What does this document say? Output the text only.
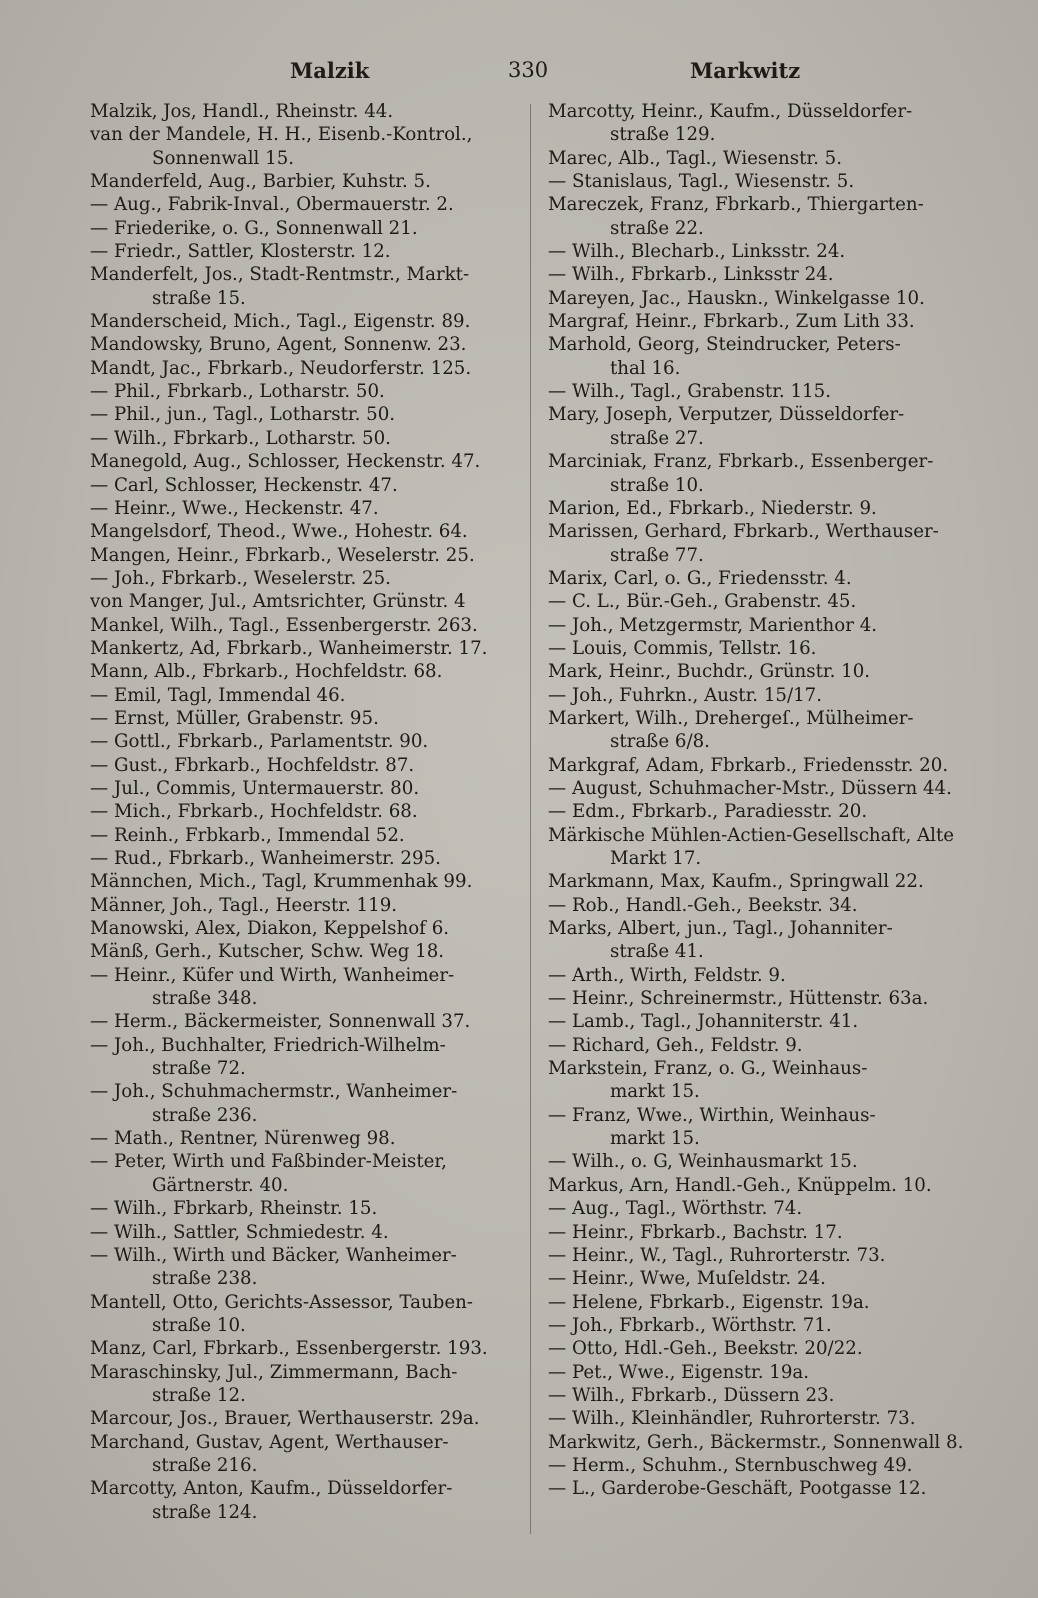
Malzik	330	Markwitz
Malzik, Jos, Handl., Rheinstr. 44.
van der Mandele, H. H., Eisenb.-Kontrol.,
Sonnenwall 15.
Manderfeld, Aug., Barbier, Kuhstr. 5.
— Aug., Fabrik-Inval., Obermauerstr. 2.
— Friederike, o. G., Sonnenwall 21.
— Friedr., Sattler, Klosterstr. 12.
Manderfelt, Jos., Stadt-Rentmstr., Markt-
straße 15.
Manderscheid, Mich., Tagl., Eigenstr. 89.
Mandowsky, Bruno, Agent, Sonnenw. 23.
Mandt, Jac., Fbrkarb., Neudorferstr. 125.
— Phil., Fbrkarb., Lotharstr. 50.
— Phil., jun., Tagl., Lotharstr. 50.
— Wilh., Fbrkarb., Lotharstr. 50.
Manegold, Aug., Schlosser, Heckenstr. 47.
— Carl, Schlosser, Heckenstr. 47.
— Heinr., Wwe., Heckenstr. 47.
Mangelsdorf, Theod., Wwe., Hohestr. 64.
Mangen, Heinr., Fbrkarb., Weselerstr. 25.
— Joh., Fbrkarb., Weselerstr. 25.
von Manger, Jul., Amtsrichter, Grünstr. 4
Mankel, Wilh., Tagl., Essenbergerstr. 263.
Mankertz, Ad, Fbrkarb., Wanheimerstr. 17.
Mann, Alb., Fbrkarb., Hochfeldstr. 68.
— Emil, Tagl, Immendal 46.
— Ernst, Müller, Grabenstr. 95.
— Gottl., Fbrkarb., Parlamentstr. 90.
— Gust., Fbrkarb., Hochfeldstr. 87.
— Jul., Commis, Untermauerstr. 80.
— Mich., Fbrkarb., Hochfeldstr. 68.
— Reinh., Frbkarb., Immendal 52.
— Rud., Fbrkarb., Wanheimerstr. 295.
Männchen, Mich., Tagl, Krummenhak 99.
Männer, Joh., Tagl., Heerstr. 119.
Manowski, Alex, Diakon, Keppelshof 6.
Mänß, Gerh., Kutscher, Schw. Weg 18.
— Heinr., Küfer und Wirth, Wanheimer-
straße 348.
— Herm., Bäckermeister, Sonnenwall 37.
— Joh., Buchhalter, Friedrich-Wilhelm-
straße 72.
— Joh., Schuhmachermstr., Wanheimer-
straße 236.
— Math., Rentner, Nürenweg 98.
— Peter, Wirth und Faßbinder-Meister,
Gärtnerstr. 40.
— Wilh., Fbrkarb, Rheinstr. 15.
— Wilh., Sattler, Schmiedestr. 4.
— Wilh., Wirth und Bäcker, Wanheimer-
straße 238.
Mantell, Otto, Gerichts-Assessor, Tauben-
straße 10.
Manz, Carl, Fbrkarb., Essenbergerstr. 193.
Maraschinsky, Jul., Zimmermann, Bach-
straße 12.
Marcour, Jos., Brauer, Werthauserstr. 29a.
Marchand, Gustav, Agent, Werthauser-
straße 216.
Marcotty, Anton, Kaufm., Düsseldorfer-
straße 124.
Marcotty, Heinr., Kaufm., Düsseldorfer-
straße 129.
Marec, Alb., Tagl., Wiesenstr. 5.
— Stanislaus, Tagl., Wiesenstr. 5.
Mareczek, Franz, Fbrkarb., Thiergarten-
straße 22.
— Wilh., Blecharb., Linksstr. 24.
— Wilh., Fbrkarb., Linksstr 24.
Mareyen, Jac., Hauskn., Winkelgasse 10.
Margraf, Heinr., Fbrkarb., Zum Lith 33.
Marhold, Georg, Steindrucker, Peters-
thal 16.
— Wilh., Tagl., Grabenstr. 115.
Mary, Joseph, Verputzer, Düsseldorfer-
straße 27.
Marciniak, Franz, Fbrkarb., Essenberger-
straße 10.
Marion, Ed., Fbrkarb., Niederstr. 9.
Marissen, Gerhard, Fbrkarb., Werthauser-
straße 77.
Marix, Carl, o. G., Friedensstr. 4.
— C. L., Bür.-Geh., Grabenstr. 45.
— Joh., Metzgermstr, Marienthor 4.
— Louis, Commis, Tellstr. 16.
Mark, Heinr., Buchdr., Grünstr. 10.
— Joh., Fuhrkn., Austr. 15/17.
Markert, Wilh., Drehergeſ., Mülheimer-
straße 6/8.
Markgraf, Adam, Fbrkarb., Friedensstr. 20.
— August, Schuhmacher-Mstr., Düssern 44.
— Edm., Fbrkarb., Paradiesstr. 20.
Märkische Mühlen-Actien-Gesellschaft, Alte
Markt 17.
Markmann, Max, Kaufm., Springwall 22.
— Rob., Handl.-Geh., Beekstr. 34.
Marks, Albert, jun., Tagl., Johanniter-
straße 41.
— Arth., Wirth, Feldstr. 9.
— Heinr., Schreinermstr., Hüttenstr. 63a.
— Lamb., Tagl., Johanniterstr. 41.
— Richard, Geh., Feldstr. 9.
Markstein, Franz, o. G., Weinhaus-
markt 15.
— Franz, Wwe., Wirthin, Weinhaus-
markt 15.
— Wilh., o. G, Weinhausmarkt 15.
Markus, Arn, Handl.-Geh., Knüppelm. 10.
— Aug., Tagl., Wörthstr. 74.
— Heinr., Fbrkarb., Bachstr. 17.
— Heinr., W., Tagl., Ruhrorterstr. 73.
— Heinr., Wwe, Muſeldstr. 24.
— Helene, Fbrkarb., Eigenstr. 19a.
— Joh., Fbrkarb., Wörthstr. 71.
— Otto, Hdl.-Geh., Beekstr. 20/22.
— Pet., Wwe., Eigenstr. 19a.
— Wilh., Fbrkarb., Düssern 23.
— Wilh., Kleinhändler, Ruhrorterstr. 73.
Markwitz, Gerh., Bäckermstr., Sonnenwall 8.
— Herm., Schuhm., Sternbuschweg 49.
— L., Garderobe-Geschäft, Pootgasse 12.
